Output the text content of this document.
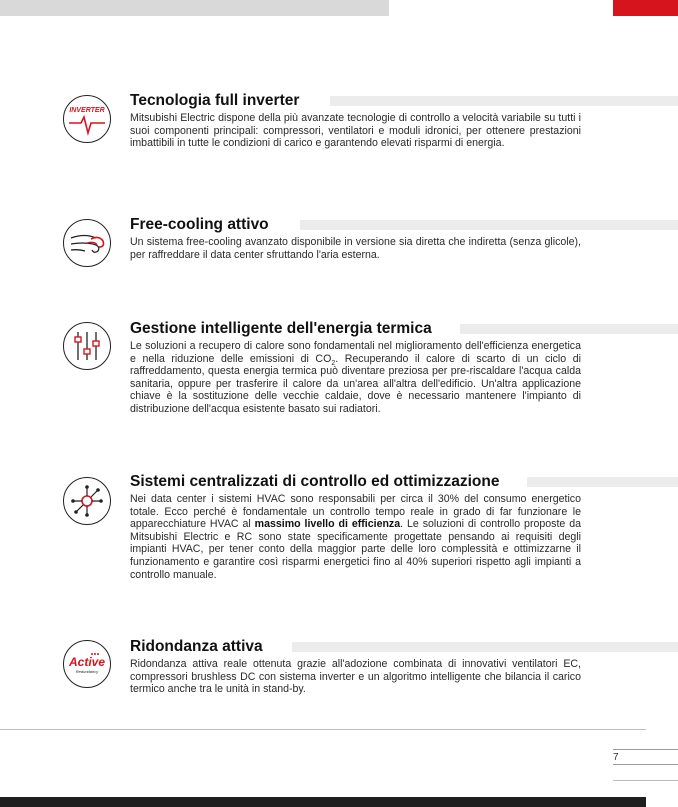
INVERTER
Tecnologia full inverter
Mitsubishi Electric dispone della più avanzate tecnologie di controllo a velocità variabile su tutti i suoi componenti principali: compressori, ventilatori e moduli idronici, per ottenere prestazioni imbattibili in tutte le condizioni di carico e garantendo elevati risparmi di energia.
Free-cooling attivo
Un sistema free-cooling avanzato disponibile in versione sia diretta che indiretta (senza glicole), per raffreddare il data center sfruttando l'aria esterna.
Gestione intelligente dell'energia termica
Le soluzioni a recupero di calore sono fondamentali nel miglioramento dell'efficienza energetica e nella riduzione delle emissioni di $CO_2$. Recuperando il calore di scarto di un ciclo di raffreddamento, questa energia termica può diventare preziosa per pre-riscaldare l'acqua calda sanitaria, oppure per trasferire il calore da un'area all'altra dell'edificio. Un'altra applicazione chiave è la sostituzione delle vecchie caldaie, dove è necessario mantenere l'impianto di distribuzione dell'acqua esistente basato sui radiatori.
Sistemi centralizzati di controllo ed ottimizzazione
Nei data center i sistemi HVAC sono responsabili per circa il 30% del consumo energetico totale. Ecco perché è fondamentale un controllo tempo reale in grado di far funzionare le apparecchiature HVAC al massimo livello di efficienza. Le soluzioni di controllo proposte da Mitsubishi Electric e RC sono state specificamente progettate pensando ai requisiti degli impianti HVAC, per tener conto della maggior parte delle loro complessità e ottimizzarne il funzionamento e garantire così risparmi energetici fino al 40% superiori rispetto agli impianti a controllo manuale.
Active
Redundancy
Ridondanza attiva
Ridondanza attiva reale ottenuta grazie all'adozione combinata di innovativi ventilatori EC, compressori brushless DC con sistema inverter e un algoritmo intelligente che bilancia il carico termico anche tra le unità in stand-by.
7
